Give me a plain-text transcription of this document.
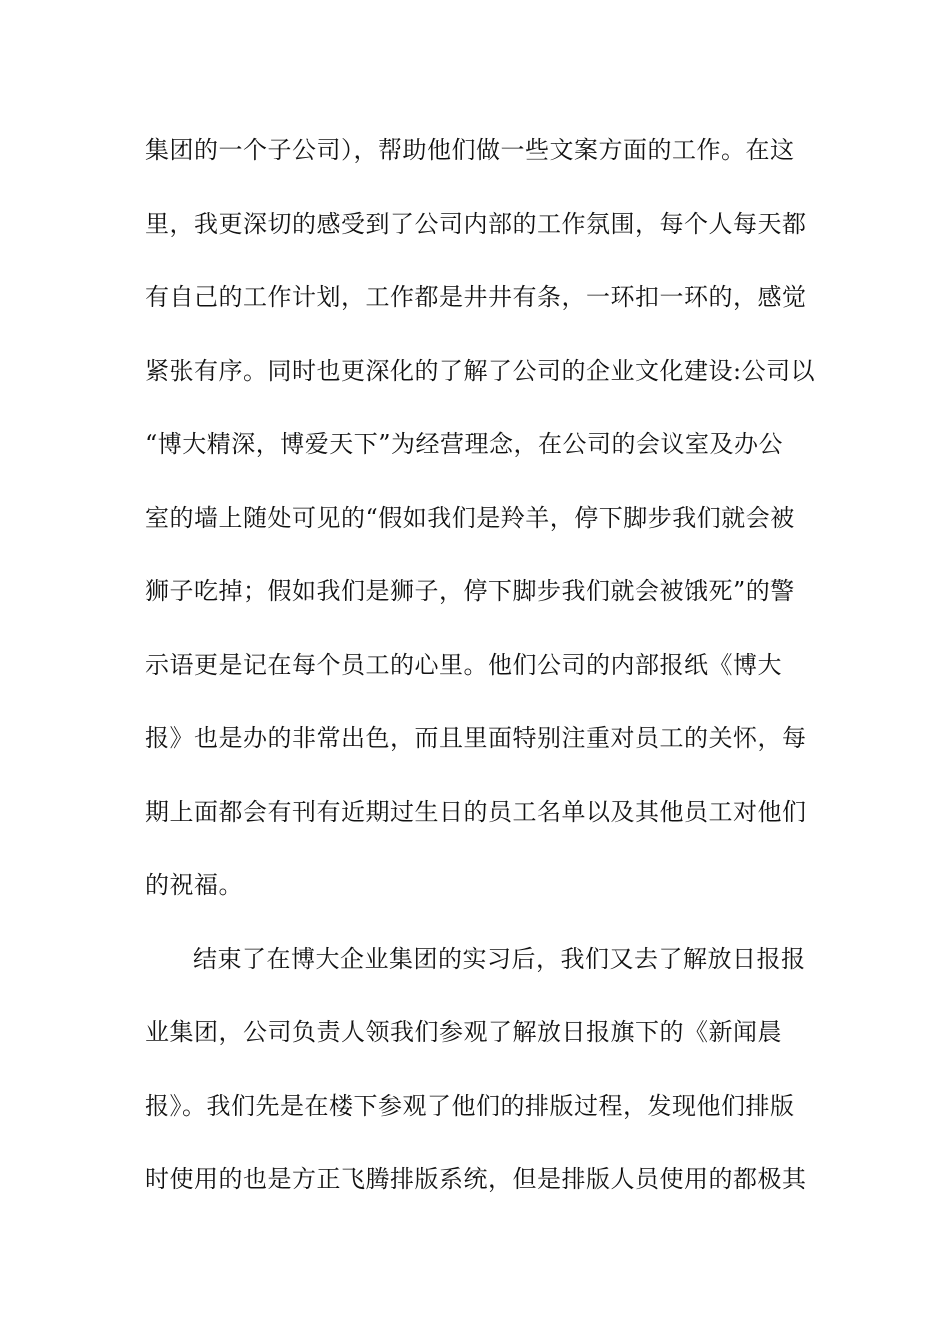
集团的一个子公司），帮助他们做一些文案方面的工作。在这
里，我更深切的感受到了公司内部的工作氛围，每个人每天都
有自己的工作计划，工作都是井井有条，一环扣一环的，感觉
紧张有序。同时也更深化的了解了公司的企业文化建设:公司以
“博大精深，博爱天下”为经营理念，在公司的会议室及办公
室的墙上随处可见的“假如我们是羚羊，停下脚步我们就会被
狮子吃掉；假如我们是狮子，停下脚步我们就会被饿死”的警
示语更是记在每个员工的心里。他们公司的内部报纸《博大
报》也是办的非常出色，而且里面特别注重对员工的关怀，每
期上面都会有刊有近期过生日的员工名单以及其他员工对他们
的祝福。
结束了在博大企业集团的实习后，我们又去了解放日报报
业集团，公司负责人领我们参观了解放日报旗下的《新闻晨
报》。我们先是在楼下参观了他们的排版过程，发现他们排版
时使用的也是方正飞腾排版系统，但是排版人员使用的都极其
